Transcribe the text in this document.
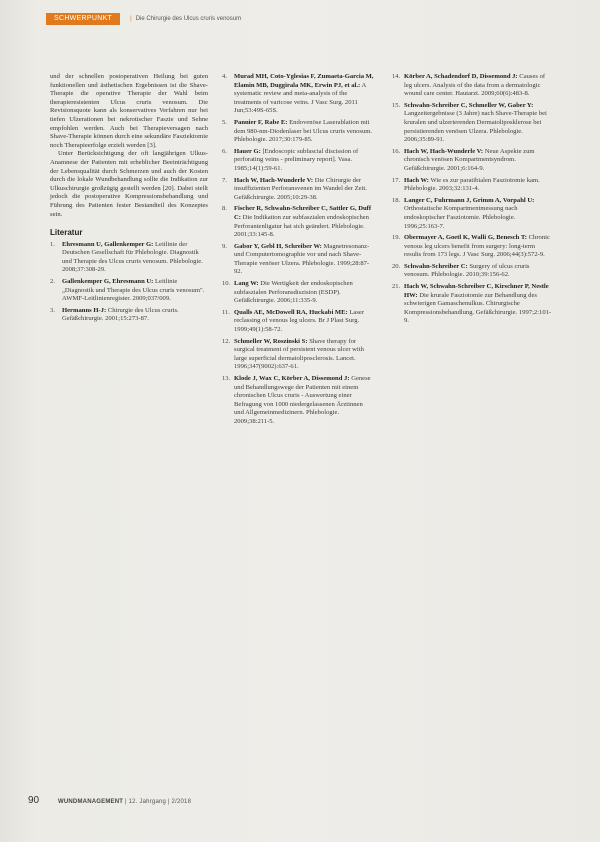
SCHWERPUNKT
|	Die Chirurgie des Ulcus cruris venosum

und der schnellen postoperativen Heilung bei guten funktionellen und ästhetischen Ergebnissen ist die Shave-Therapie die operative Therapie der Wahl beim therapieresistenten Ulcus cruris venosum. Die Revisionsquote kann als konservatives Verfahren nur bei tiefen Ulzerationen bei nekrotischer Faszie und Sehne empfohlen werden. Auch bei Therapieversagen nach Shave-Therapie können durch eine sekundäre Fasziektomie noch Therapieerfolge erzielt werden [3].

Unter Berücksichtigung der oft langjährigen Ulkus-Anamnese der Patienten mit erheblicher Beeinträchtigung der Lebensqualität durch Schmerzen und auch der Kosten durch die lokale Wundbehandlung sollte die Indikation zur Ulkuschirurgie großzügig gestellt werden [20]. Dabei stellt jedoch die postoperative Kompressionsbehandlung und Führung des Patienten fester Bestandteil des Konzeptes sein.

Literatur
1.	Ehresmann U, Gallenkemper G: Leitlinie der Deutschen Gesellschaft für Phlebologie. Diagnostik und Therapie des Ulcus cruris venosum. Phlebologie. 2008;37:308-29.
2.	Gallenkemper G, Ehresmann U: Leitlinie „Diagnostik und Therapie des Ulcus cruris venosum". AWMF-Leitlinienregister. 2009;037/009.
3.	Hermanns H-J: Chirurgie des Ulcus cruris. Gefäßchirurgie. 2001;15:273-87.
4.	Murad MH, Coto-Yglesias F, Zumaeta-Garcia M, Elamin MB, Duggirala MK, Erwin PJ, et al.: A systematic review and meta-analysis of the treatments of varicose veins. J Vasc Surg. 2011 Jun;53:49S-65S.
5.	Pannier F, Rabe E: Endovenöse Laserablation mit dem 980-nm-Diodenlaser bei Ulcus cruris venosum. Phlebologie. 2017;30:179-85.
6.	Hauer G: [Endoscopic subfascial discission of perforating veins - preliminary report]. Vasa. 1985;14(1):59-61.
7.	Hach W, Hach-Wunderle V: Die Chirurgie der insuffizienten Perforansvenen im Wandel der Zeit. Gefäßchirurgie. 2005;10:29-38.
8.	Fischer R, Schwahn-Schreiber C, Sattler G, Duff C: Die Indikation zur subfaszialen endoskopischen Perforantenligatur hat sich geändert. Phlebologie. 2001;33:145-8.
9.	Gabor Y, Gebl H, Schreiber W: Magnetresonanz- und Computertomographie vor und nach Shave-Therapie venöser Ulzera. Phlebologie. 1999;28:87-92.
10. Lang W: Die Wertigkeit der endoskopischen subfaszialen Perforansdiszision (ESDP). Gefäßchirurgie. 2006;11:335-9.
11. Qualls AE, McDowell RA, Huckabi ME: Laser reclassing of venous leg ulcers. Br J Plast Surg. 1999;49(1):58-72.
12. Schmeller W, Roszinski S: Shave therapy for surgical treatment of persistent venous ulcer with large superficial dermatoliposclerosis. Lancet. 1996;347(9002):637-61.
13. Klode J, Wax C, Körber A, Dissemond J: Genese und Behandlungswege der Patienten mit einem chronischen Ulcus cruris - Auswertung einer Befragung von 1000 niedergelassenen Ärztinnen und Allgemeinmedizinern. Phlebologie. 2009;38:211-5.
14. Körber A, Schadendorf D, Dissemond J: Causes of leg ulcers. Analysis of the data from a dermatologic wound care center. Hautarzt. 2009;60(6):483-8.
15. Schwahn-Schreiber C, Schmeller W, Gaber Y: Langzeitergebnisse (3 Jahre) nach Shave-Therapie bei kruralen und ulzerierenden Dermatoliposklerose bei persistierenden venösen Ulzera. Phlebologie. 2006;35:89-91.
16. Hach W, Hach-Wunderle V: Neue Aspekte zum chronisch venösen Kompartmentsyndrom. Gefäßchirurgie. 2001;6:164-9.
17. Hach W: Wie es zur paratibialen Fasziotomie kam. Phlebologie. 2003;32:131-4.
18. Langer C, Fuhrmann J, Grimm A, Vorpahl U: Orthostatische Kompartmentmessung nach endoskopischer Fasziotomie. Phlebologie. 1996;25:163-7.
19. Obermayer A, Goetl K, Walli G, Benesch T: Chronic venous leg ulcers benefit from surgery: long-term results from 173 legs. J Vasc Surg. 2006;44(3):572-9.
20. Schwahn-Schreiber C: Surgery of ulcus cruris venosum. Phlebologie. 2010;39:156-62.
21. Hach W, Schwahn-Schreiber C, Kirschner P, Nestle HW: Die krurale Fasziotomie zur Behandlung des schwierigen Gamaschenulkus. Chirurgische Kompressionsbehandlung. Gefäßchirurgie. 1997;2:101-9.
90	WUNDMANAGEMENT | 12. Jahrgang | 2/2018
